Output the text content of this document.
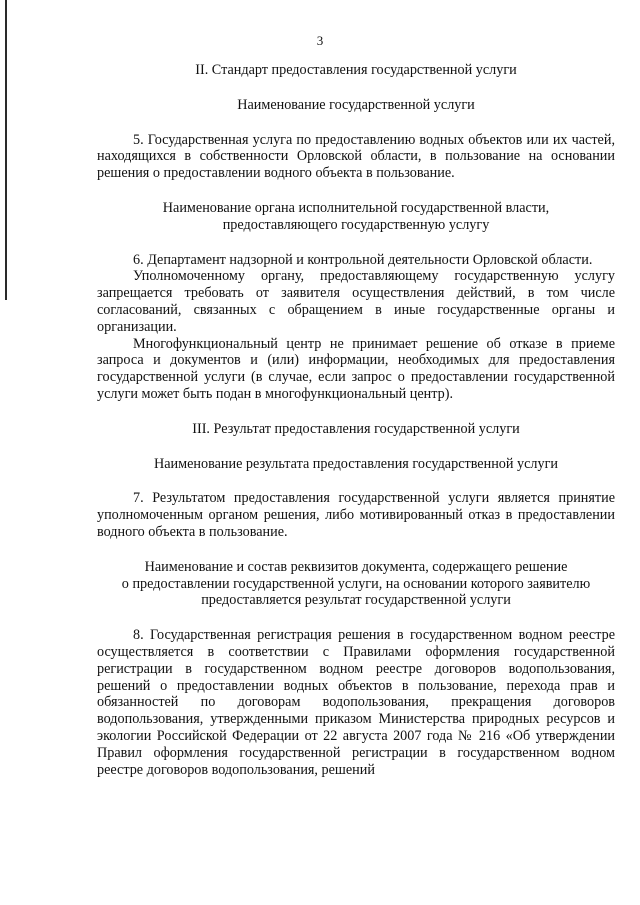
3

II. Стандарт предоставления государственной услуги

Наименование государственной услуги

5. Государственная услуга по предоставлению водных объектов или их частей, находящихся в собственности Орловской области, в пользование на основании решения о предоставлении водного объекта в пользование.

Наименование органа исполнительной государственной власти,

предоставляющего государственную услугу

6. Департамент надзорной и контрольной деятельности Орловской области.

Уполномоченному органу, предоставляющему государственную услугу запрещается требовать от заявителя осуществления действий, в том числе согласований, связанных с обращением в иные государственные органы и организации.

Многофункциональный центр не принимает решение об отказе в приеме запроса и документов и (или) информации, необходимых для предоставления государственной услуги (в случае, если запрос о предоставлении государственной услуги может быть подан в многофункциональный центр).

III. Результат предоставления государственной услуги

Наименование результата предоставления государственной услуги

7. Результатом предоставления государственной услуги является принятие уполномоченным органом решения, либо мотивированный отказ в предоставлении водного объекта в пользование.

Наименование и состав реквизитов документа, содержащего решение

о предоставлении государственной услуги, на основании которого заявителю

предоставляется результат государственной услуги

8. Государственная регистрация решения в государственном водном реестре осуществляется в соответствии с Правилами оформления государственной регистрации в государственном водном реестре договоров водопользования, решений о предоставлении водных объектов в пользование, перехода прав и обязанностей по договорам водопользования, прекращения договоров водопользования, утвержденными приказом Министерства природных ресурсов и экологии Российской Федерации от 22 августа 2007 года № 216 «Об утверждении Правил оформления государственной регистрации в государственном водном реестре договоров водопользования, решений
